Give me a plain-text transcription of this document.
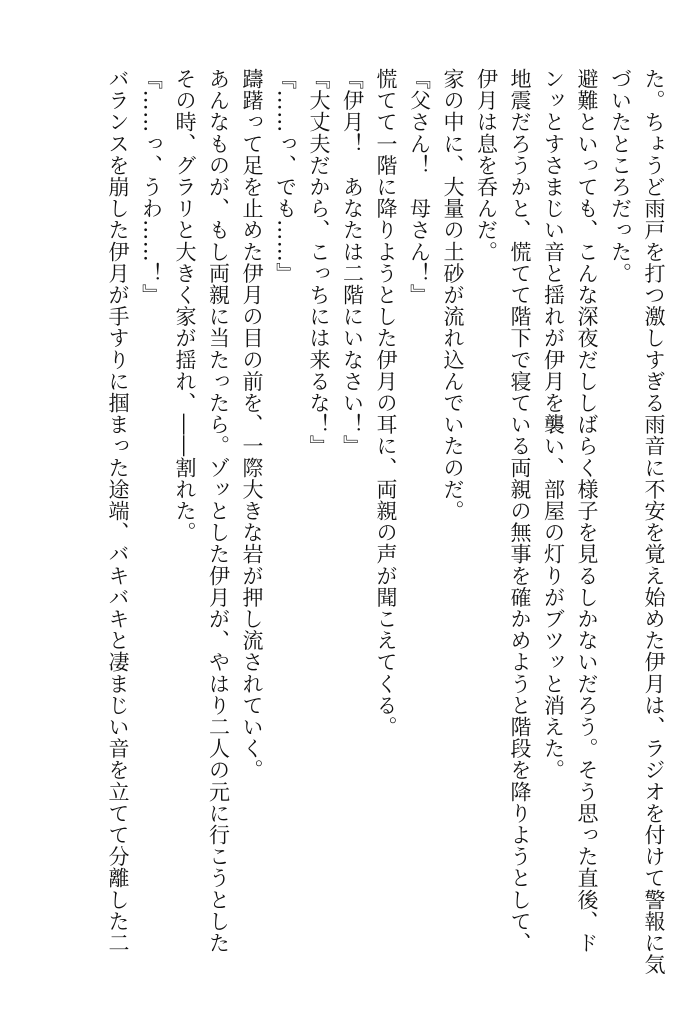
た。ちょうど雨戸を打つ激しすぎる雨音に不安を覚え始めた伊月は、ラジオを付けて警報に気
づいたところだった。
避難といっても、こんな深夜だししばらく様子を見るしかないだろう。そう思った直後、ド
ンッとすさまじい音と揺れが伊月を襲い、部屋の灯りがブツッと消えた。
地震だろうかと、慌てて階下で寝ている両親の無事を確かめようと階段を降りようとして、
伊月は息を呑んだ。
家の中に、大量の土砂が流れ込んでいたのだ。
『父さん！　母さん！』
慌てて一階に降りようとした伊月の耳に、両親の声が聞こえてくる。
『伊月！　あなたは二階にいなさい！』
『大丈夫だから、こっちには来るな！』
『……っ、でも……』
躊躇って足を止めた伊月の目の前を、一際大きな岩が押し流されていく。
あんなものが、もし両親に当たったら。ゾッとした伊月が、やはり二人の元に行こうとした
その時、グラリと大きく家が揺れ、――割れた。
『……っ、うわ……！』
バランスを崩した伊月が手すりに掴まった途端、バキバキと凄まじい音を立てて分離した二
